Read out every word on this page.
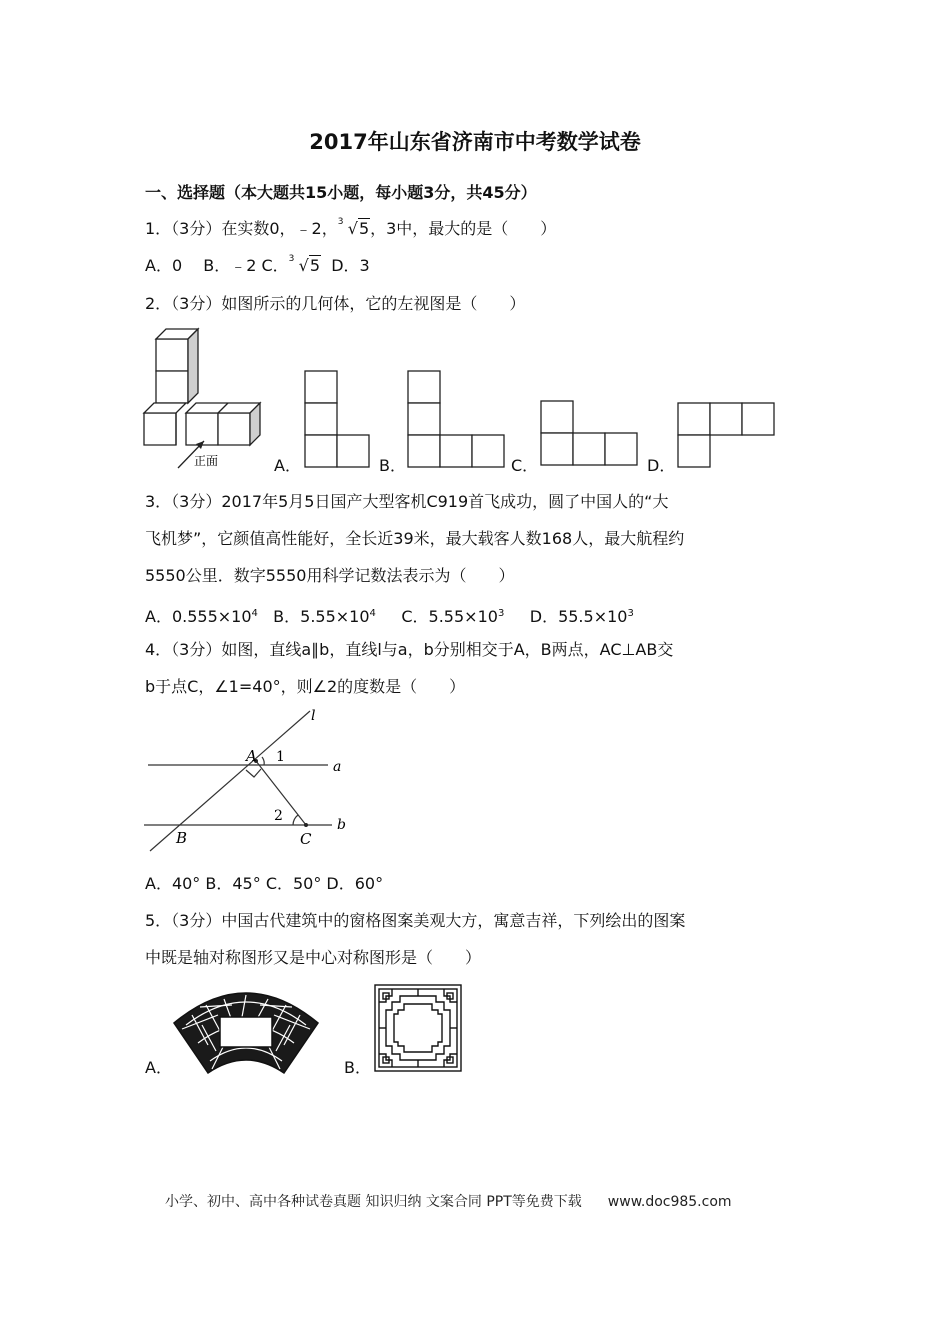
2017年山东省济南市中考数学试卷
一、选择题（本大题共15小题，每小题3分，共45分）
1．（3分）在实数0，﹣2， 3 √5，3中，最大的是（　　）
A．0　 B．﹣2 C． 3 √5 D．3
2．（3分）如图所示的几何体，它的左视图是（　　）
正面	A．	B．	C．	D．
3．（3分）2017年5月5日国产大型客机C919首飞成功，圆了中国人的“大
飞机梦”，它颜值高性能好，全长近39米，最大载客人数168人，最大航程约
5550公里．数字5550用科学记数法表示为（　　）
A．$0.555\times 10^4$ B．$5.55\times 10^4$ C．$5.55\times 10^3$ D．$55.5\times 10^3$
4．（3分）如图，直线a∥b，直线l与a，b分别相交于A，B两点，AC⊥AB交
b于点C，∠1=40°，则∠2的度数是（　　）
l
a
b
A
B	C
1
2
A．40° B．45° C．50° D．60°
5．（3分）中国古代建筑中的窗格图案美观大方，寓意吉祥，下列绘出的图案
中既是轴对称图形又是中心对称图形是（　　）
A．	B．
小学、初中、高中各种试卷真题 知识归纳 文案合同 PPT等免费下载 www.doc985.com
